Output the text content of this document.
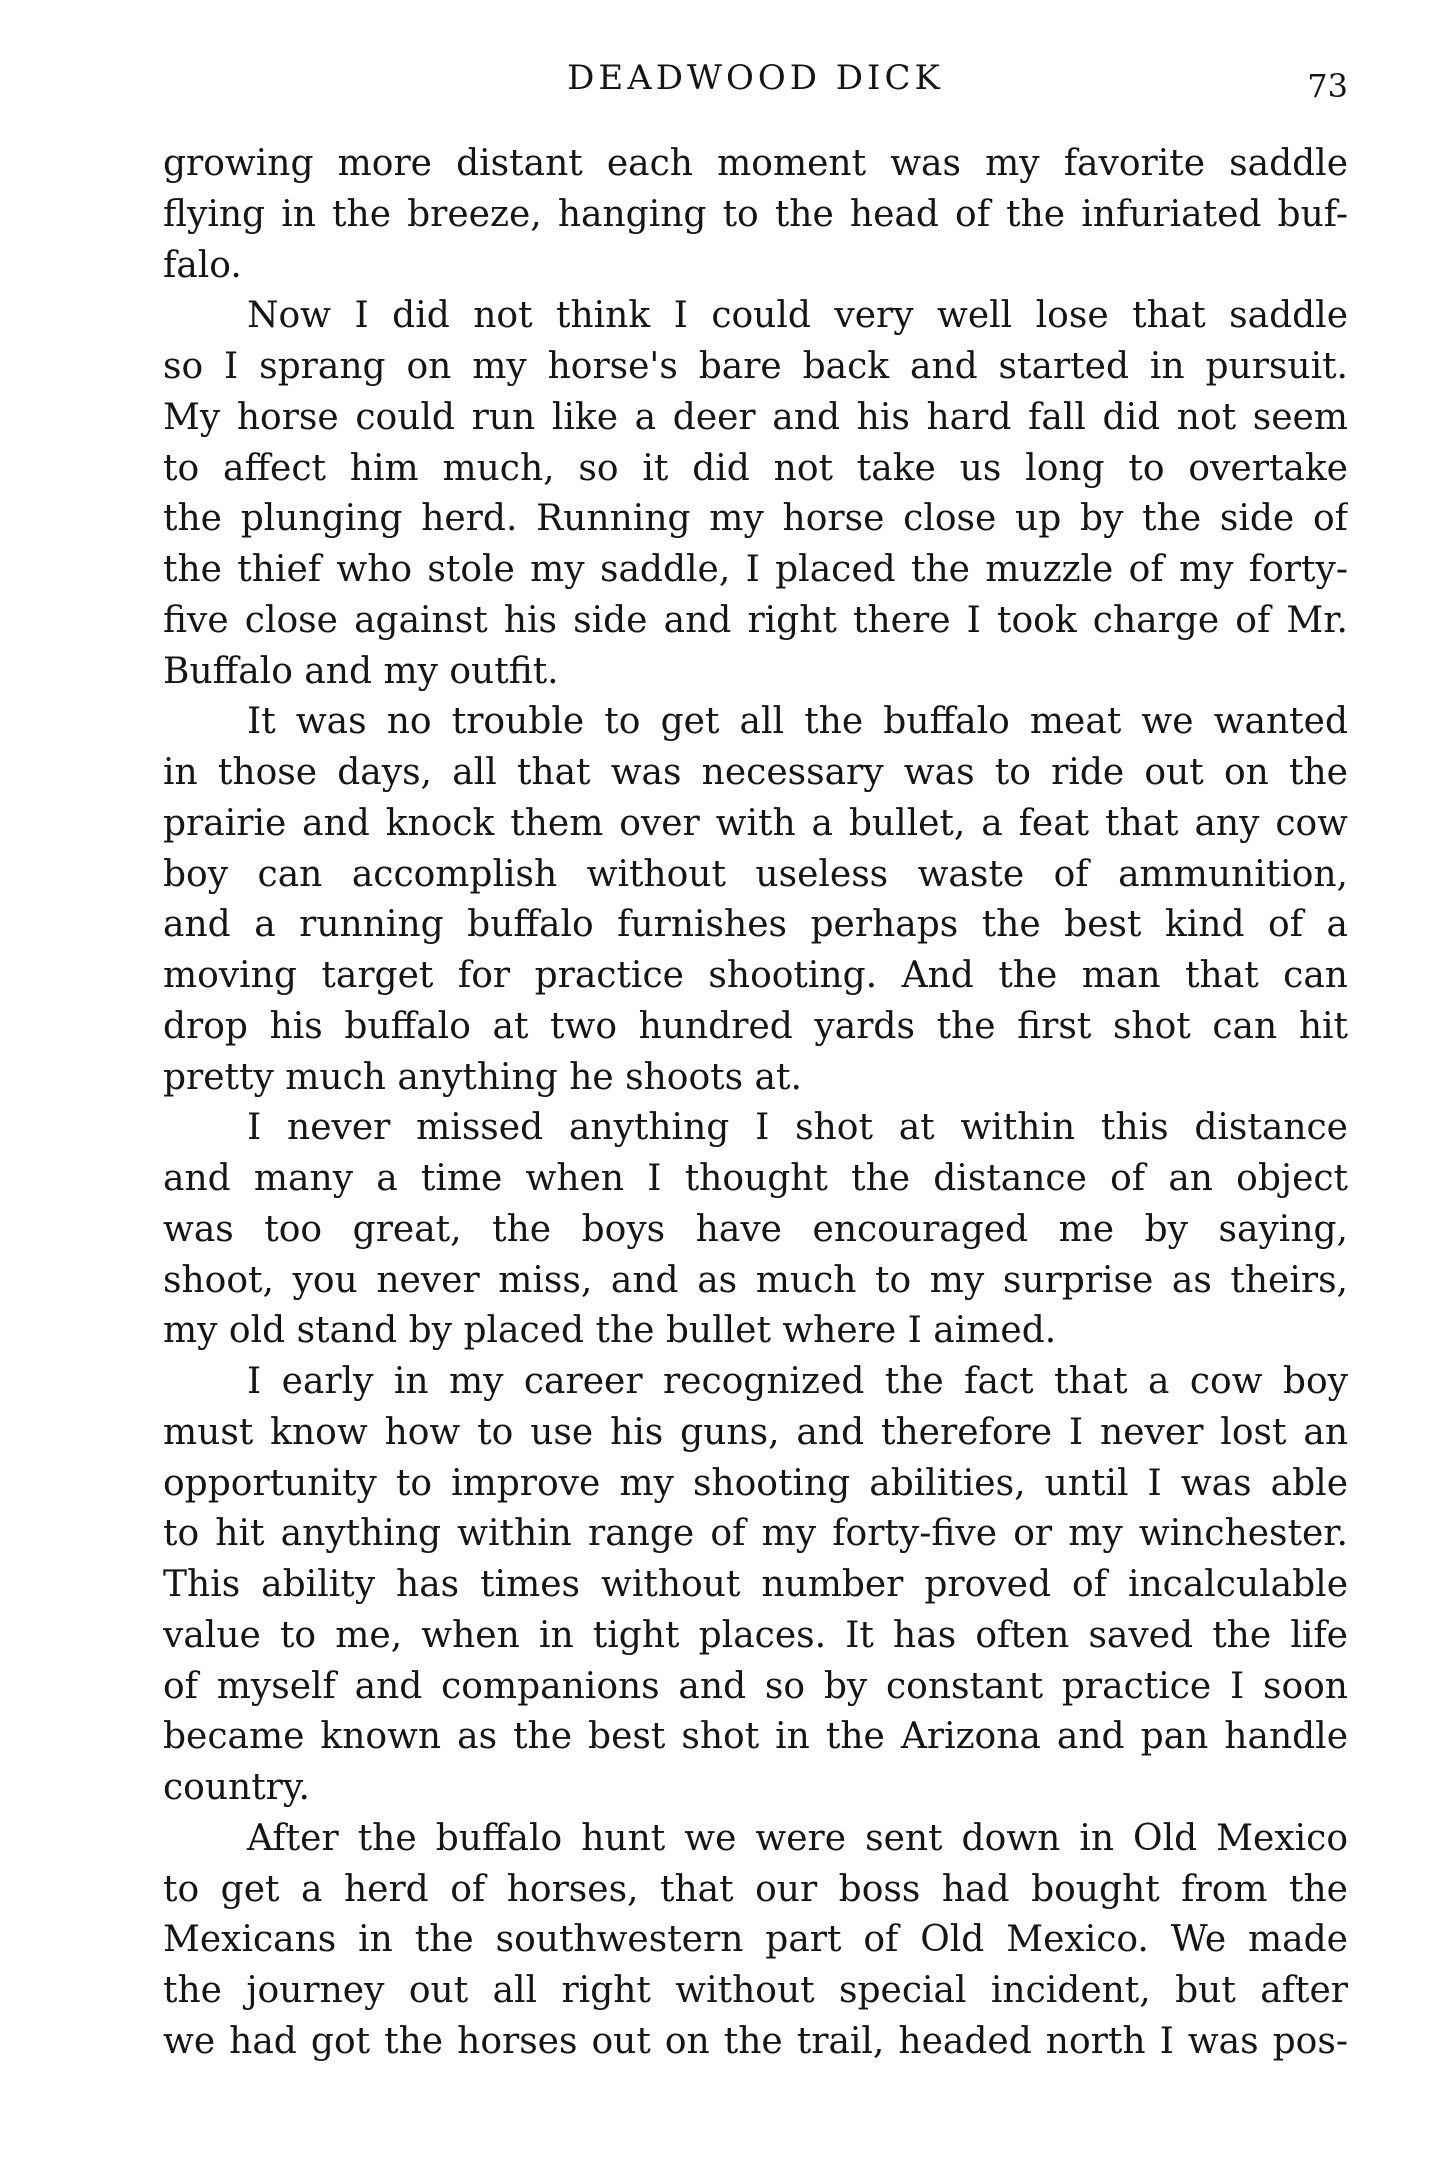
DEADWOOD DICK	73
growing more distant each moment was my favorite saddle
flying in the breeze, hanging to the head of the infuriated buf-
falo.
Now I did not think I could very well lose that saddle
so I sprang on my horse's bare back and started in pursuit.
My horse could run like a deer and his hard fall did not seem
to affect him much, so it did not take us long to overtake
the plunging herd. Running my horse close up by the side of
the thief who stole my saddle, I placed the muzzle of my forty-
five close against his side and right there I took charge of Mr.
Buffalo and my outfit.
It was no trouble to get all the buffalo meat we wanted
in those days, all that was necessary was to ride out on the
prairie and knock them over with a bullet, a feat that any cow
boy can accomplish without useless waste of ammunition,
and a running buffalo furnishes perhaps the best kind of a
moving target for practice shooting. And the man that can
drop his buffalo at two hundred yards the first shot can hit
pretty much anything he shoots at.
I never missed anything I shot at within this distance
and many a time when I thought the distance of an object
was too great, the boys have encouraged me by saying,
shoot, you never miss, and as much to my surprise as theirs,
my old stand by placed the bullet where I aimed.
I early in my career recognized the fact that a cow boy
must know how to use his guns, and therefore I never lost an
opportunity to improve my shooting abilities, until I was able
to hit anything within range of my forty-five or my winchester.
This ability has times without number proved of incalculable
value to me, when in tight places. It has often saved the life
of myself and companions and so by constant practice I soon
became known as the best shot in the Arizona and pan handle
country.
After the buffalo hunt we were sent down in Old Mexico
to get a herd of horses, that our boss had bought from the
Mexicans in the southwestern part of Old Mexico. We made
the journey out all right without special incident, but after
we had got the horses out on the trail, headed north I was pos-
